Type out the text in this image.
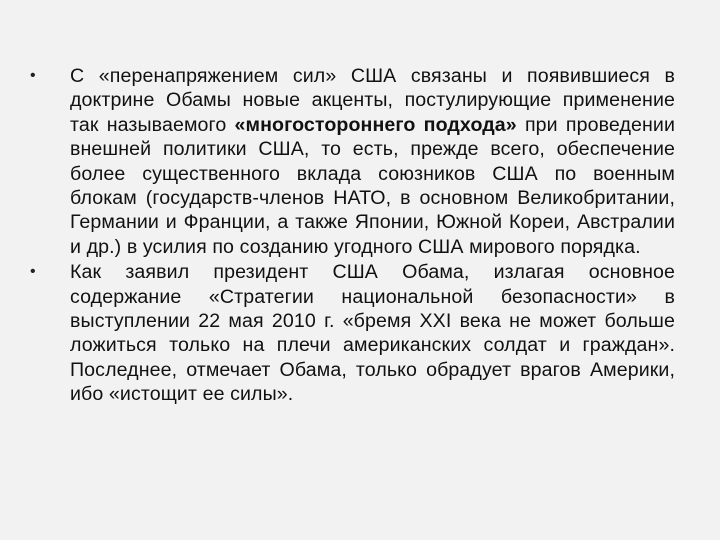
•	С «перенапряжением сил» США связаны и появившиеся в доктрине Обамы новые акценты, постулирующие применение так называемого «многостороннего подхода» при проведении внешней политики США, то есть, прежде всего, обеспечение более существенного вклада союзников США по военным блокам (государств-членов НАТО, в основном Великобритании, Германии и Франции, а также Японии, Южной Кореи, Австралии и др.) в усилия по созданию угодного США мирового порядка.
•	Как заявил президент США Обама, излагая основное содержание «Стратегии национальной безопасности» в выступлении 22 мая 2010 г. «бремя XXI века не может больше ложиться только на плечи американских солдат и граждан». Последнее, отмечает Обама, только обрадует врагов Америки, ибо «истощит ее силы».
